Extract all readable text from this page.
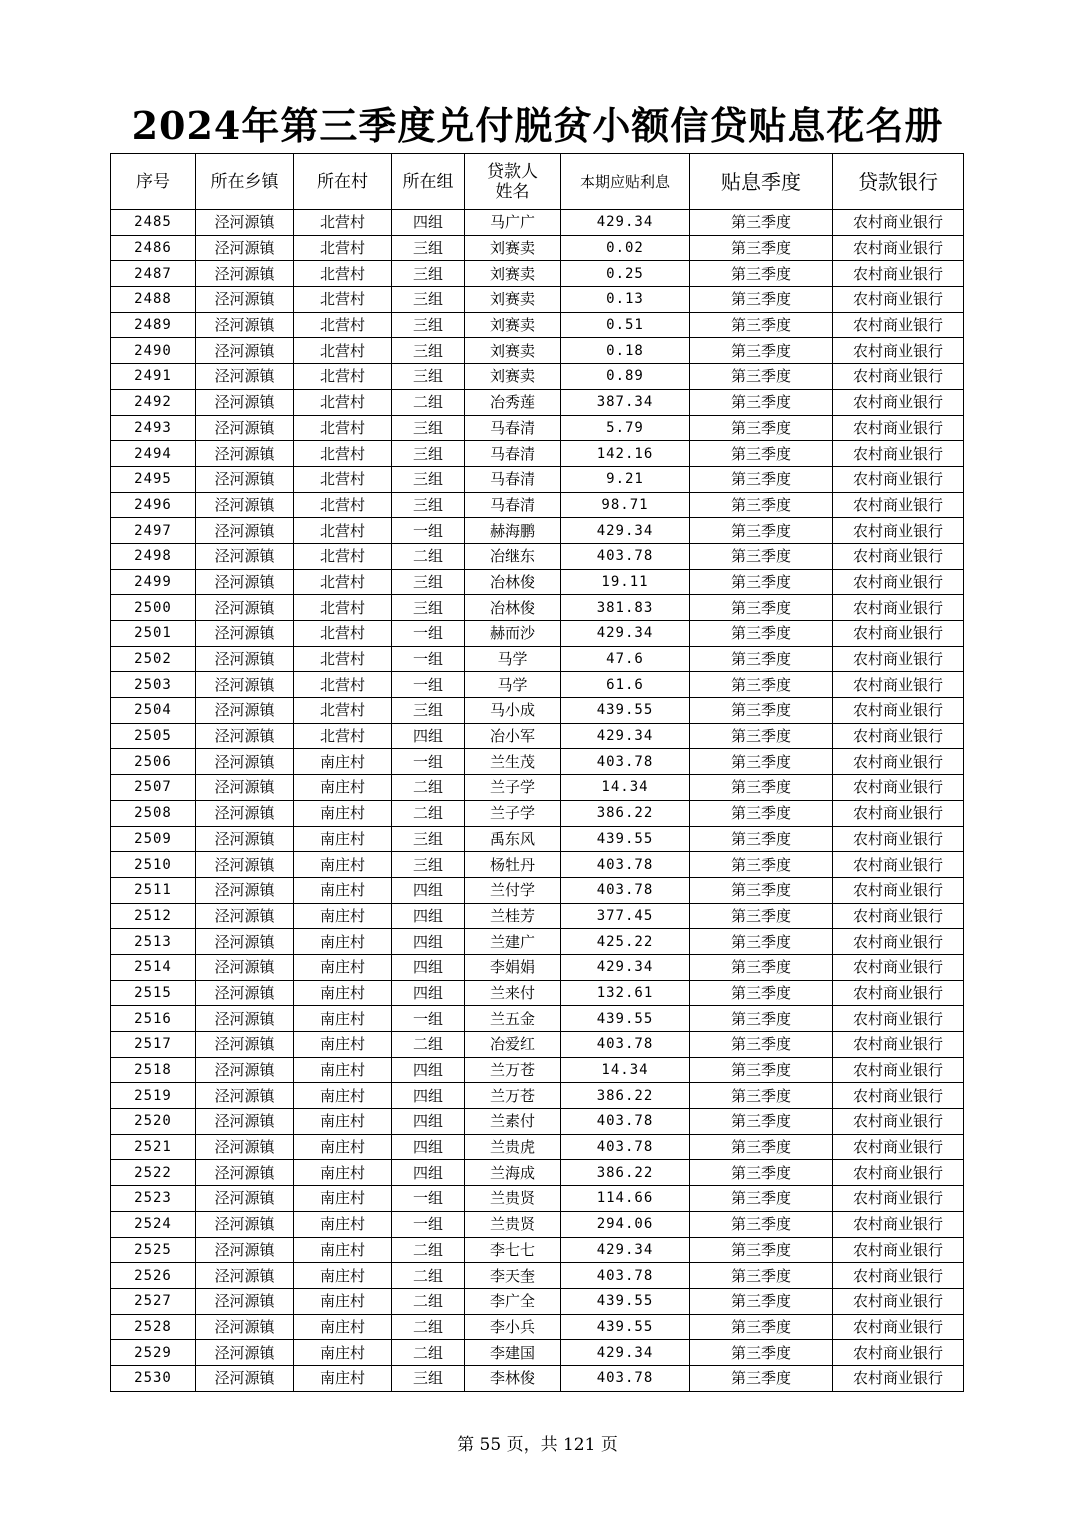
2024年第三季度兑付脱贫小额信贷贴息花名册
序号	所在乡镇	所在村	所在组	贷款人姓名	本期应贴利息	贴息季度	贷款银行
2485	泾河源镇	北营村	四组	马广广	429.34	第三季度	农村商业银行
2486	泾河源镇	北营村	三组	刘赛卖	0.02	第三季度	农村商业银行
2487	泾河源镇	北营村	三组	刘赛卖	0.25	第三季度	农村商业银行
2488	泾河源镇	北营村	三组	刘赛卖	0.13	第三季度	农村商业银行
2489	泾河源镇	北营村	三组	刘赛卖	0.51	第三季度	农村商业银行
2490	泾河源镇	北营村	三组	刘赛卖	0.18	第三季度	农村商业银行
2491	泾河源镇	北营村	三组	刘赛卖	0.89	第三季度	农村商业银行
2492	泾河源镇	北营村	二组	冶秀莲	387.34	第三季度	农村商业银行
2493	泾河源镇	北营村	三组	马春清	5.79	第三季度	农村商业银行
2494	泾河源镇	北营村	三组	马春清	142.16	第三季度	农村商业银行
2495	泾河源镇	北营村	三组	马春清	9.21	第三季度	农村商业银行
2496	泾河源镇	北营村	三组	马春清	98.71	第三季度	农村商业银行
2497	泾河源镇	北营村	一组	赫海鹏	429.34	第三季度	农村商业银行
2498	泾河源镇	北营村	二组	冶继东	403.78	第三季度	农村商业银行
2499	泾河源镇	北营村	三组	冶林俊	19.11	第三季度	农村商业银行
2500	泾河源镇	北营村	三组	冶林俊	381.83	第三季度	农村商业银行
2501	泾河源镇	北营村	一组	赫而沙	429.34	第三季度	农村商业银行
2502	泾河源镇	北营村	一组	马学	47.6	第三季度	农村商业银行
2503	泾河源镇	北营村	一组	马学	61.6	第三季度	农村商业银行
2504	泾河源镇	北营村	三组	马小成	439.55	第三季度	农村商业银行
2505	泾河源镇	北营村	四组	冶小军	429.34	第三季度	农村商业银行
2506	泾河源镇	南庄村	一组	兰生茂	403.78	第三季度	农村商业银行
2507	泾河源镇	南庄村	二组	兰子学	14.34	第三季度	农村商业银行
2508	泾河源镇	南庄村	二组	兰子学	386.22	第三季度	农村商业银行
2509	泾河源镇	南庄村	三组	禹东风	439.55	第三季度	农村商业银行
2510	泾河源镇	南庄村	三组	杨牡丹	403.78	第三季度	农村商业银行
2511	泾河源镇	南庄村	四组	兰付学	403.78	第三季度	农村商业银行
2512	泾河源镇	南庄村	四组	兰桂芳	377.45	第三季度	农村商业银行
2513	泾河源镇	南庄村	四组	兰建广	425.22	第三季度	农村商业银行
2514	泾河源镇	南庄村	四组	李娟娟	429.34	第三季度	农村商业银行
2515	泾河源镇	南庄村	四组	兰来付	132.61	第三季度	农村商业银行
2516	泾河源镇	南庄村	一组	兰五金	439.55	第三季度	农村商业银行
2517	泾河源镇	南庄村	二组	冶爱红	403.78	第三季度	农村商业银行
2518	泾河源镇	南庄村	四组	兰万苍	14.34	第三季度	农村商业银行
2519	泾河源镇	南庄村	四组	兰万苍	386.22	第三季度	农村商业银行
2520	泾河源镇	南庄村	四组	兰素付	403.78	第三季度	农村商业银行
2521	泾河源镇	南庄村	四组	兰贵虎	403.78	第三季度	农村商业银行
2522	泾河源镇	南庄村	四组	兰海成	386.22	第三季度	农村商业银行
2523	泾河源镇	南庄村	一组	兰贵贤	114.66	第三季度	农村商业银行
2524	泾河源镇	南庄村	一组	兰贵贤	294.06	第三季度	农村商业银行
2525	泾河源镇	南庄村	二组	李七七	429.34	第三季度	农村商业银行
2526	泾河源镇	南庄村	二组	李天奎	403.78	第三季度	农村商业银行
2527	泾河源镇	南庄村	二组	李广全	439.55	第三季度	农村商业银行
2528	泾河源镇	南庄村	二组	李小兵	439.55	第三季度	农村商业银行
2529	泾河源镇	南庄村	二组	李建国	429.34	第三季度	农村商业银行
2530	泾河源镇	南庄村	三组	李林俊	403.78	第三季度	农村商业银行
第 55 页，共 121 页
